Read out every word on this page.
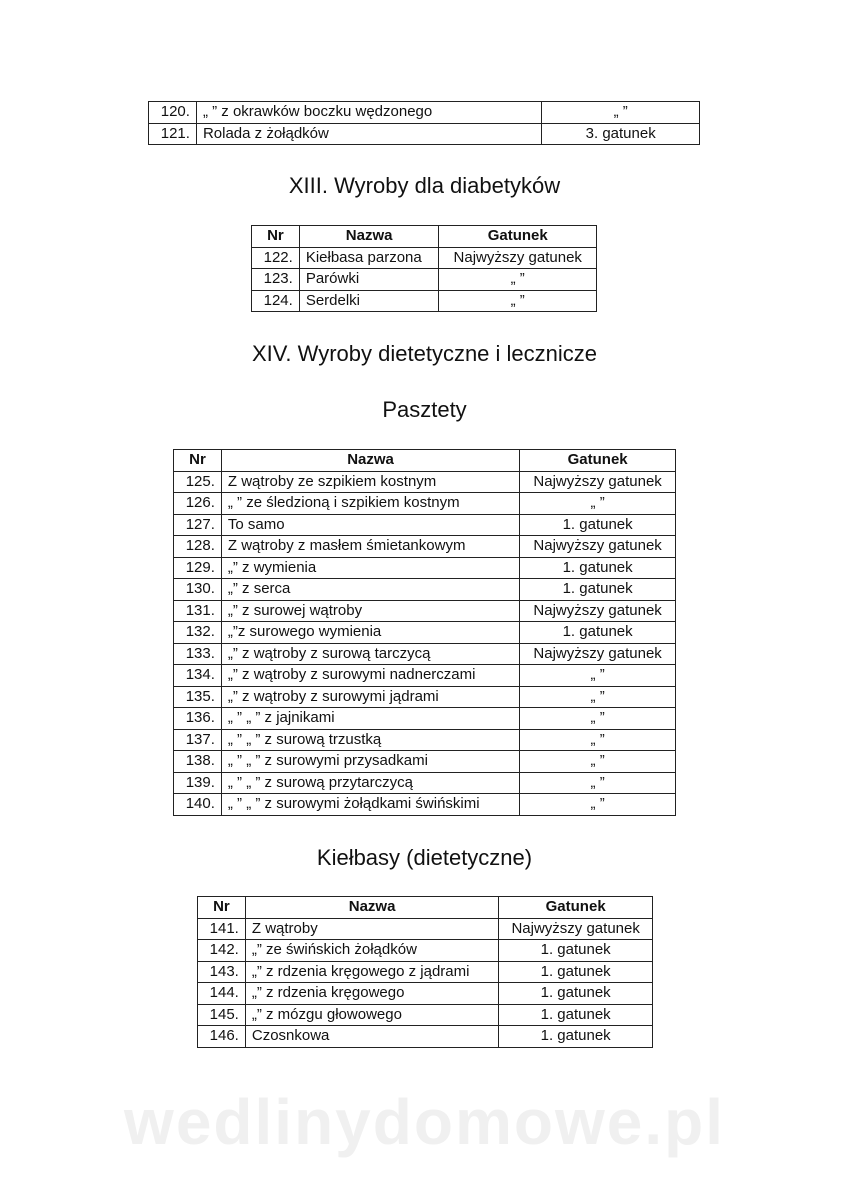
120.	„ ” z okrawków boczku wędzonego	„ ”
121.	Rolada z żołądków	3. gatunek
XIII. Wyroby dla diabetyków
Nr	Nazwa	Gatunek
122.	Kiełbasa parzona	Najwyższy gatunek
123.	Parówki	„ ”
124.	Serdelki	„ ”
XIV. Wyroby dietetyczne i lecznicze
Pasztety
Nr	Nazwa	Gatunek
125.	Z wątroby ze szpikiem kostnym	Najwyższy gatunek
126.	„ ” ze śledzioną i szpikiem kostnym	„ ”
127.	To samo	1. gatunek
128.	Z wątroby z masłem śmietankowym	Najwyższy gatunek
129.	„” z wymienia	1. gatunek
130.	„” z serca	1. gatunek
131.	„” z surowej wątroby	Najwyższy gatunek
132.	„”z surowego wymienia	1. gatunek
133.	„” z wątroby z surową tarczycą	Najwyższy gatunek
134.	„” z wątroby z surowymi nadnerczami	„ ”
135.	„” z wątroby z surowymi jądrami	„ ”
136.	„ ” „ ” z jajnikami	„ ”
137.	„ ” „ ” z surową trzustką	„ ”
138.	„ ” „ ” z surowymi przysadkami	„ ”
139.	„ ” „ ” z surową przytarczycą	„ ”
140.	„ ” „ ” z surowymi żołądkami świńskimi	„ ”
Kiełbasy (dietetyczne)
Nr	Nazwa	Gatunek
141.	Z wątroby	Najwyższy gatunek
142.	„” ze świńskich żołądków	1. gatunek
143.	„” z rdzenia kręgowego z jądrami	1. gatunek
144.	„” z rdzenia kręgowego	1. gatunek
145.	„” z mózgu głowowego	1. gatunek
146.	Czosnkowa	1. gatunek
wedlinydomowe.pl
